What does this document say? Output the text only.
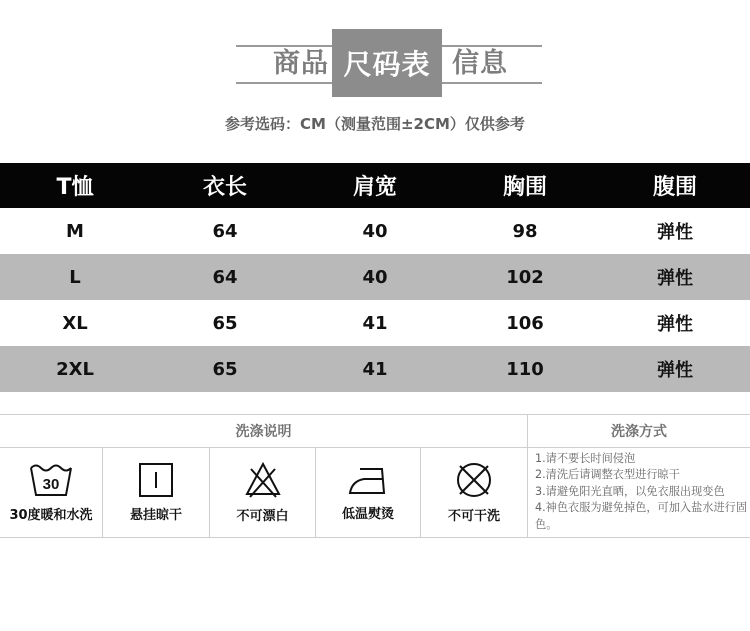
商品 尺码表 信息
参考选码：CM（测量范围±2CM）仅供参考
T恤	衣长	肩宽	胸围	腹围
M	64	40	98	弹性
L	64	40	102	弹性
XL	65	41	106	弹性
2XL	65	41	110	弹性
洗涤说明	洗涤方式
30
30度暖和水洗	悬挂晾干	不可漂白	低温熨烫	不可干洗

1.请不要长时间侵泡

2.清洗后请调整衣型进行晾干

3.请避免阳光直晒，以免衣服出现变色

4.神色衣服为避免掉色，可加入盐水进行固色。
